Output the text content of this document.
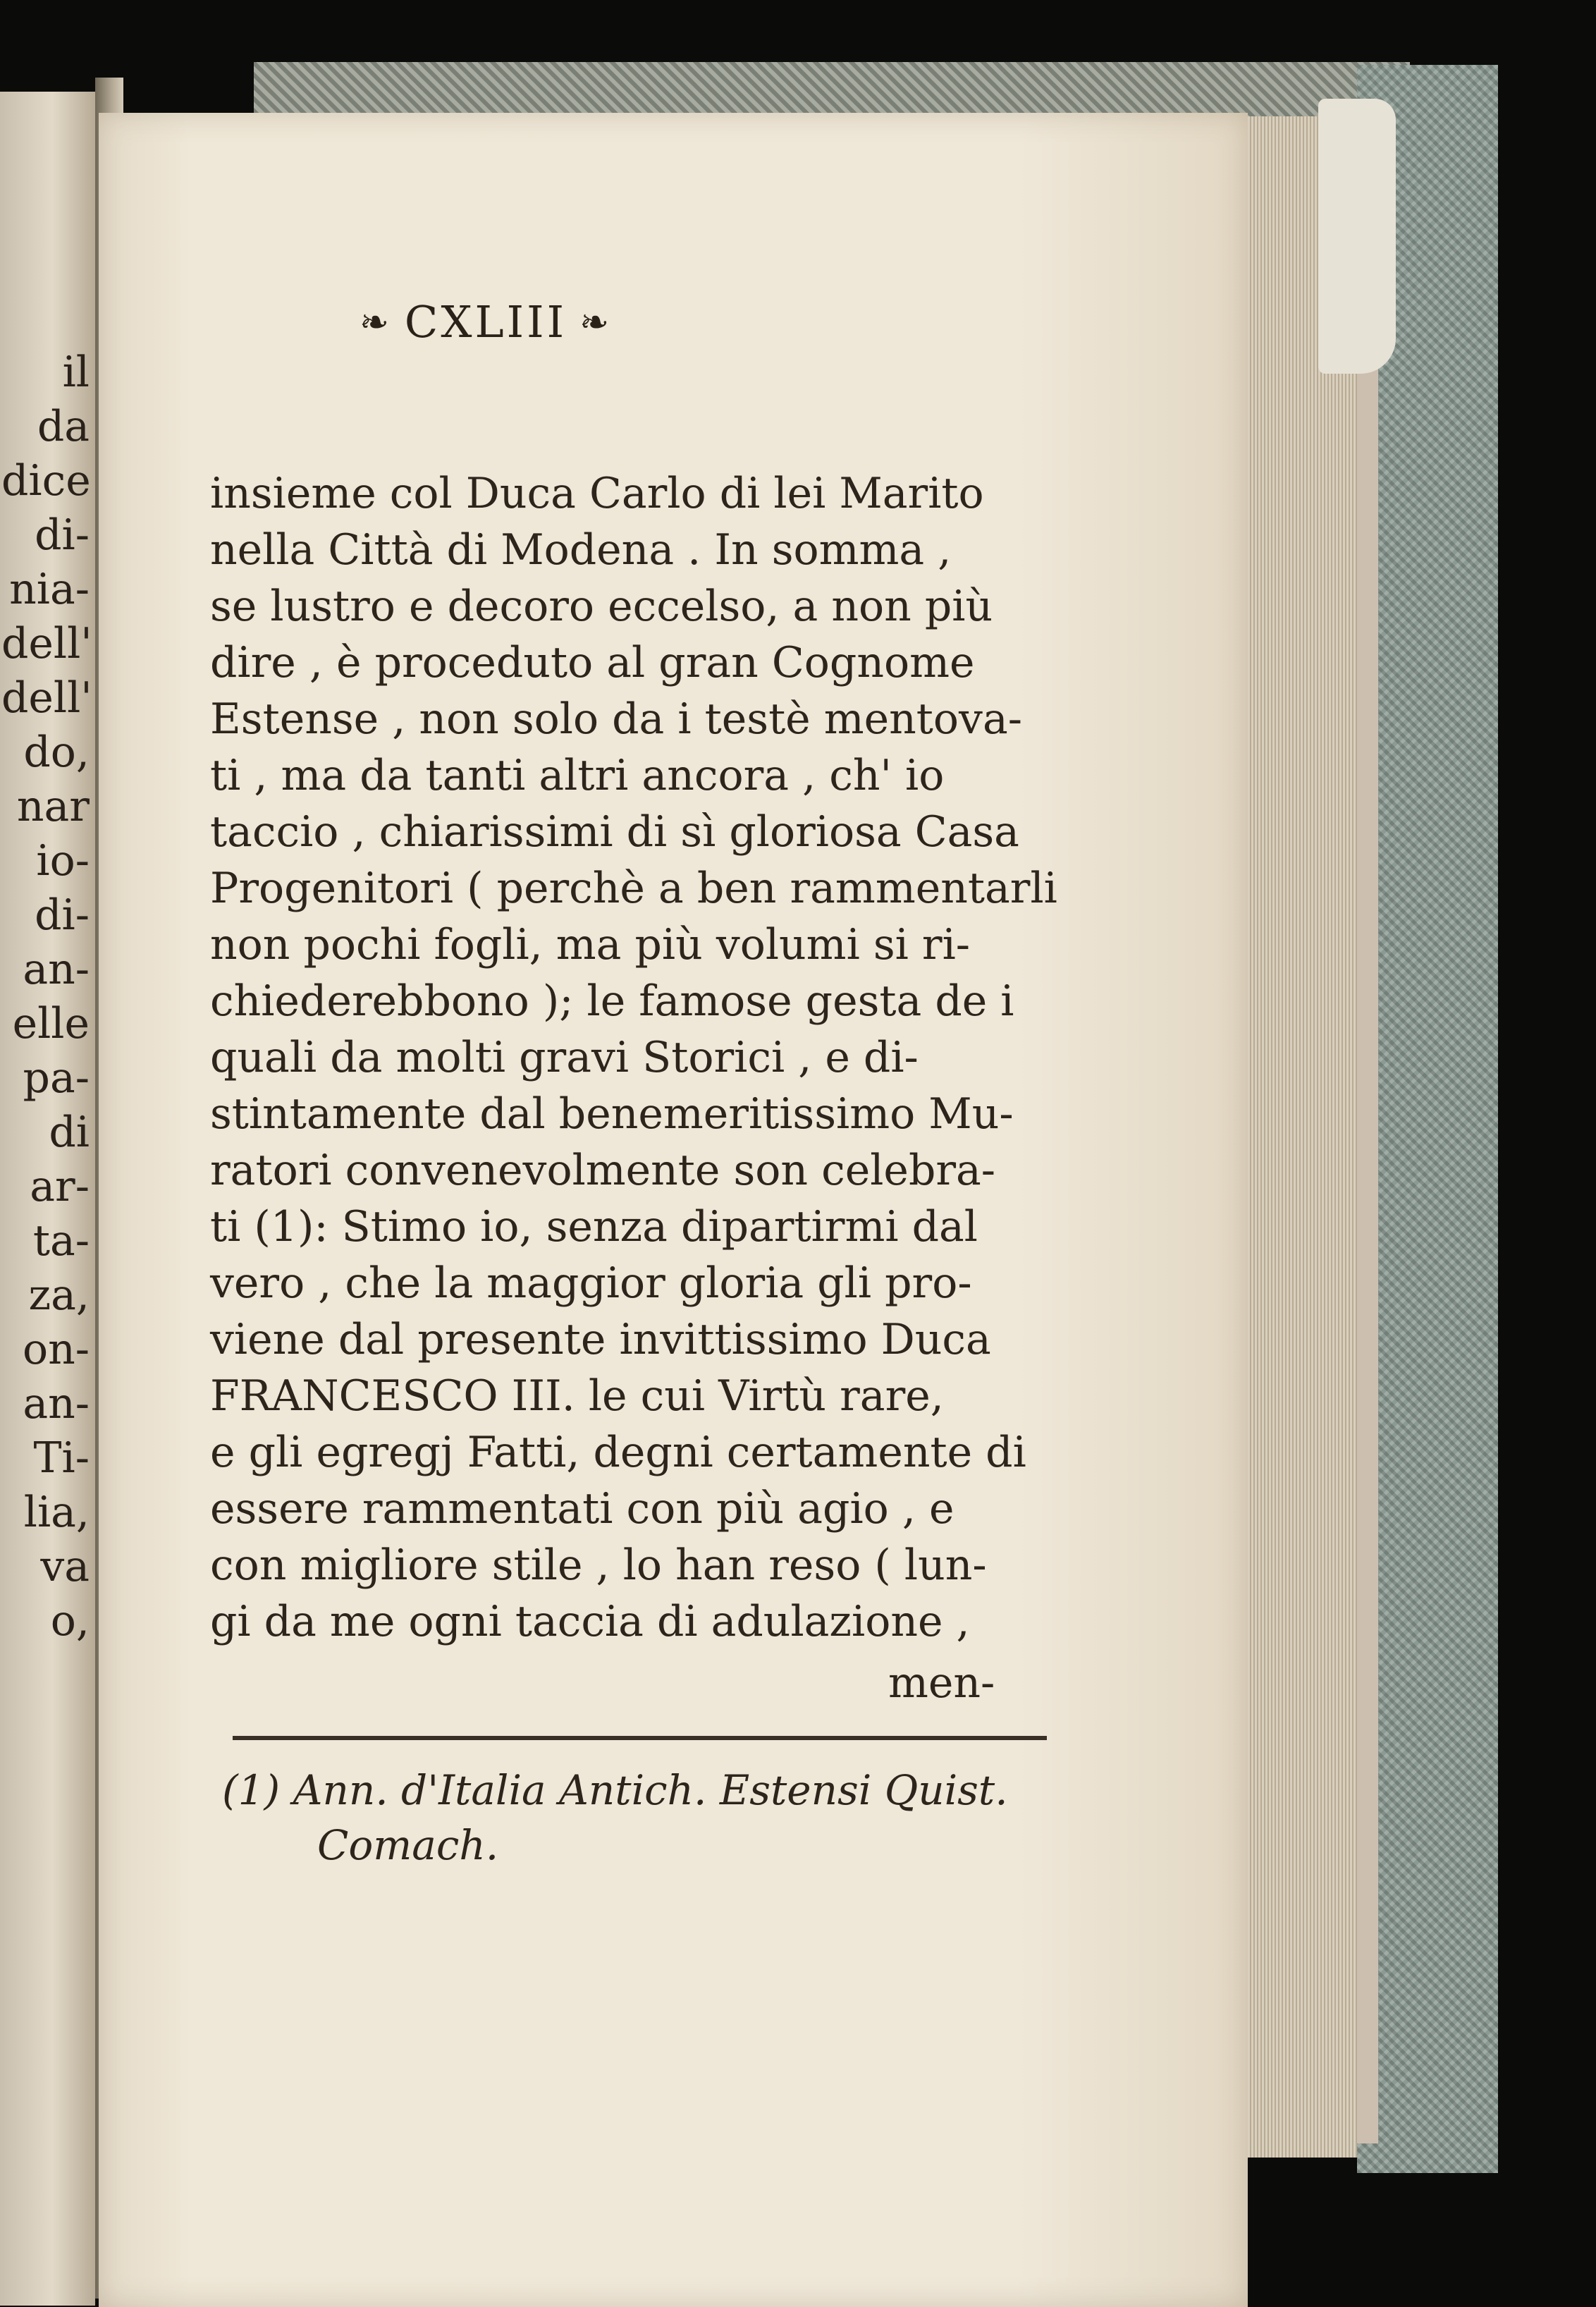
il
da
dice
di-
nia-
dell'
dell'
do,
nar
io-
di-
an-
elle
pa-
di
ar-
ta-
za,
on-
an-
Ti-
lia,
va
o,
❧ CXLIII ❧
insieme col Duca Carlo di lei Marito
nella Città di Modena . In somma ,
se lustro e decoro eccelso, a non più
dire , è proceduto al gran Cognome
Estense , non solo da i testè mentova-
ti , ma da tanti altri ancora , ch' io
taccio , chiarissimi di sì gloriosa Casa
Progenitori ( perchè a ben rammentarli
non pochi fogli, ma più volumi si ri-
chiederebbono ); le famose gesta de i
quali da molti gravi Storici , e di-
stintamente dal benemeritissimo Mu-
ratori convenevolmente son celebra-
ti (1): Stimo io, senza dipartirmi dal
vero , che la maggior gloria gli pro-
viene dal presente invittissimo Duca
FRANCESCO III. le cui Virtù rare,
e gli egregj Fatti, degni certamente di
essere rammentati con più agio , e
con migliore stile , lo han reso ( lun-
gi da me ogni taccia di adulazione ,
men-
(1) Ann. d'Italia Antich. Estensi Quist.
Comach.
